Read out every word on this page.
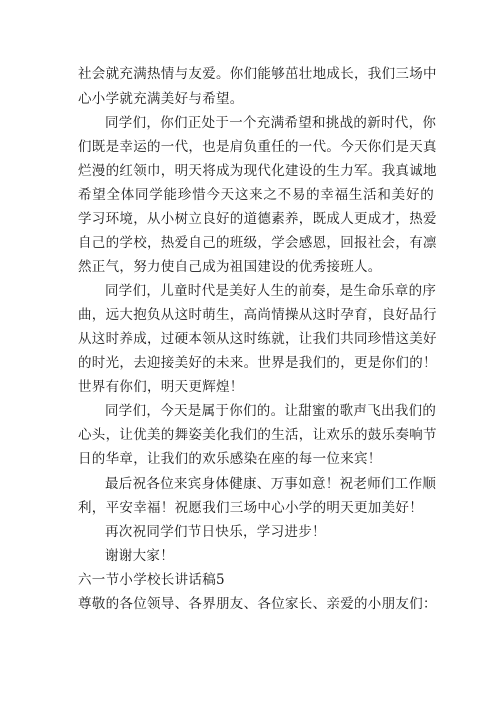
社会就充满热情与友爱。你们能够茁壮地成长，我们三场中
心小学就充满美好与希望。
同学们，你们正处于一个充满希望和挑战的新时代，你
们既是幸运的一代，也是肩负重任的一代。今天你们是天真
烂漫的红领巾，明天将成为现代化建设的生力军。我真诚地
希望全体同学能珍惜今天这来之不易的幸福生活和美好的
学习环境，从小树立良好的道德素养，既成人更成才，热爱
自己的学校，热爱自己的班级，学会感恩，回报社会，有凛
然正气，努力使自己成为祖国建设的优秀接班人。
同学们，儿童时代是美好人生的前奏，是生命乐章的序
曲，远大抱负从这时萌生，高尚情操从这时孕育，良好品行
从这时养成，过硬本领从这时练就，让我们共同珍惜这美好
的时光，去迎接美好的未来。世界是我们的，更是你们的！
世界有你们，明天更辉煌！
同学们，今天是属于你们的。让甜蜜的歌声飞出我们的
心头，让优美的舞姿美化我们的生活，让欢乐的鼓乐奏响节
日的华章，让我们的欢乐感染在座的每一位来宾！
最后祝各位来宾身体健康、万事如意！祝老师们工作顺
利，平安幸福！祝愿我们三场中心小学的明天更加美好！
再次祝同学们节日快乐，学习进步！
谢谢大家！
六一节小学校长讲话稿5
尊敬的各位领导、各界朋友、各位家长、亲爱的小朋友们：
